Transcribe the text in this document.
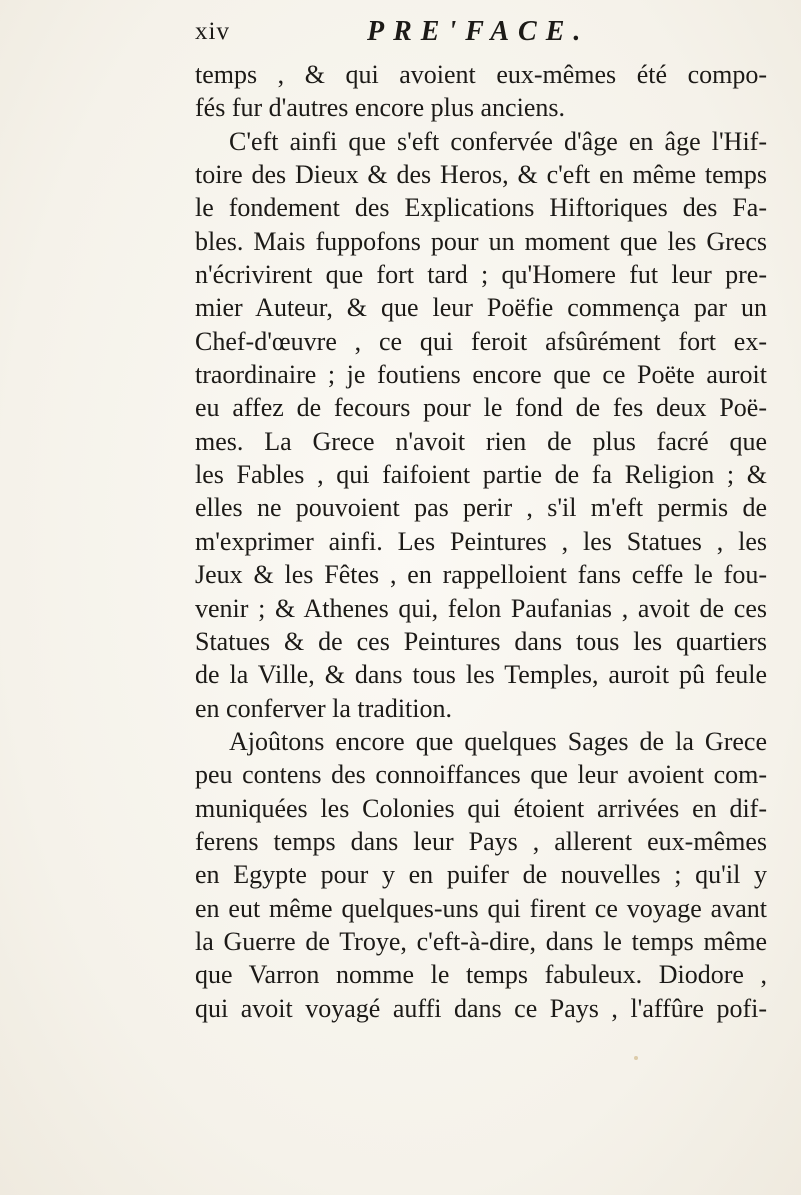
xiv	PRE'FACE.
temps , & qui avoient eux-mêmes été compo-
fés fur d'autres encore plus anciens.
C'eft ainfi que s'eft confervée d'âge en âge l'Hif-
toire des Dieux & des Heros, & c'eft en même temps
le fondement des Explications Hiftoriques des Fa-
bles. Mais fuppofons pour un moment que les Grecs
n'écrivirent que fort tard ; qu'Homere fut leur pre-
mier Auteur, & que leur Poëfie commença par un
Chef-d'œuvre , ce qui feroit afsûrément fort ex-
traordinaire ; je foutiens encore que ce Poëte auroit
eu affez de fecours pour le fond de fes deux Poë-
mes. La Grece n'avoit rien de plus facré que
les Fables , qui faifoient partie de fa Religion ; &
elles ne pouvoient pas perir , s'il m'eft permis de
m'exprimer ainfi. Les Peintures , les Statues , les
Jeux & les Fêtes , en rappelloient fans ceffe le fou-
venir ; & Athenes qui, felon Paufanias , avoit de ces
Statues & de ces Peintures dans tous les quartiers
de la Ville, & dans tous les Temples, auroit pû feule
en conferver la tradition.
Ajoûtons encore que quelques Sages de la Grece
peu contens des connoiffances que leur avoient com-
muniquées les Colonies qui étoient arrivées en dif-
ferens temps dans leur Pays , allerent eux-mêmes
en Egypte pour y en puifer de nouvelles ; qu'il y
en eut même quelques-uns qui firent ce voyage avant
la Guerre de Troye, c'eft-à-dire, dans le temps même
que Varron nomme le temps fabuleux. Diodore ,
qui avoit voyagé auffi dans ce Pays , l'affûre pofi-
